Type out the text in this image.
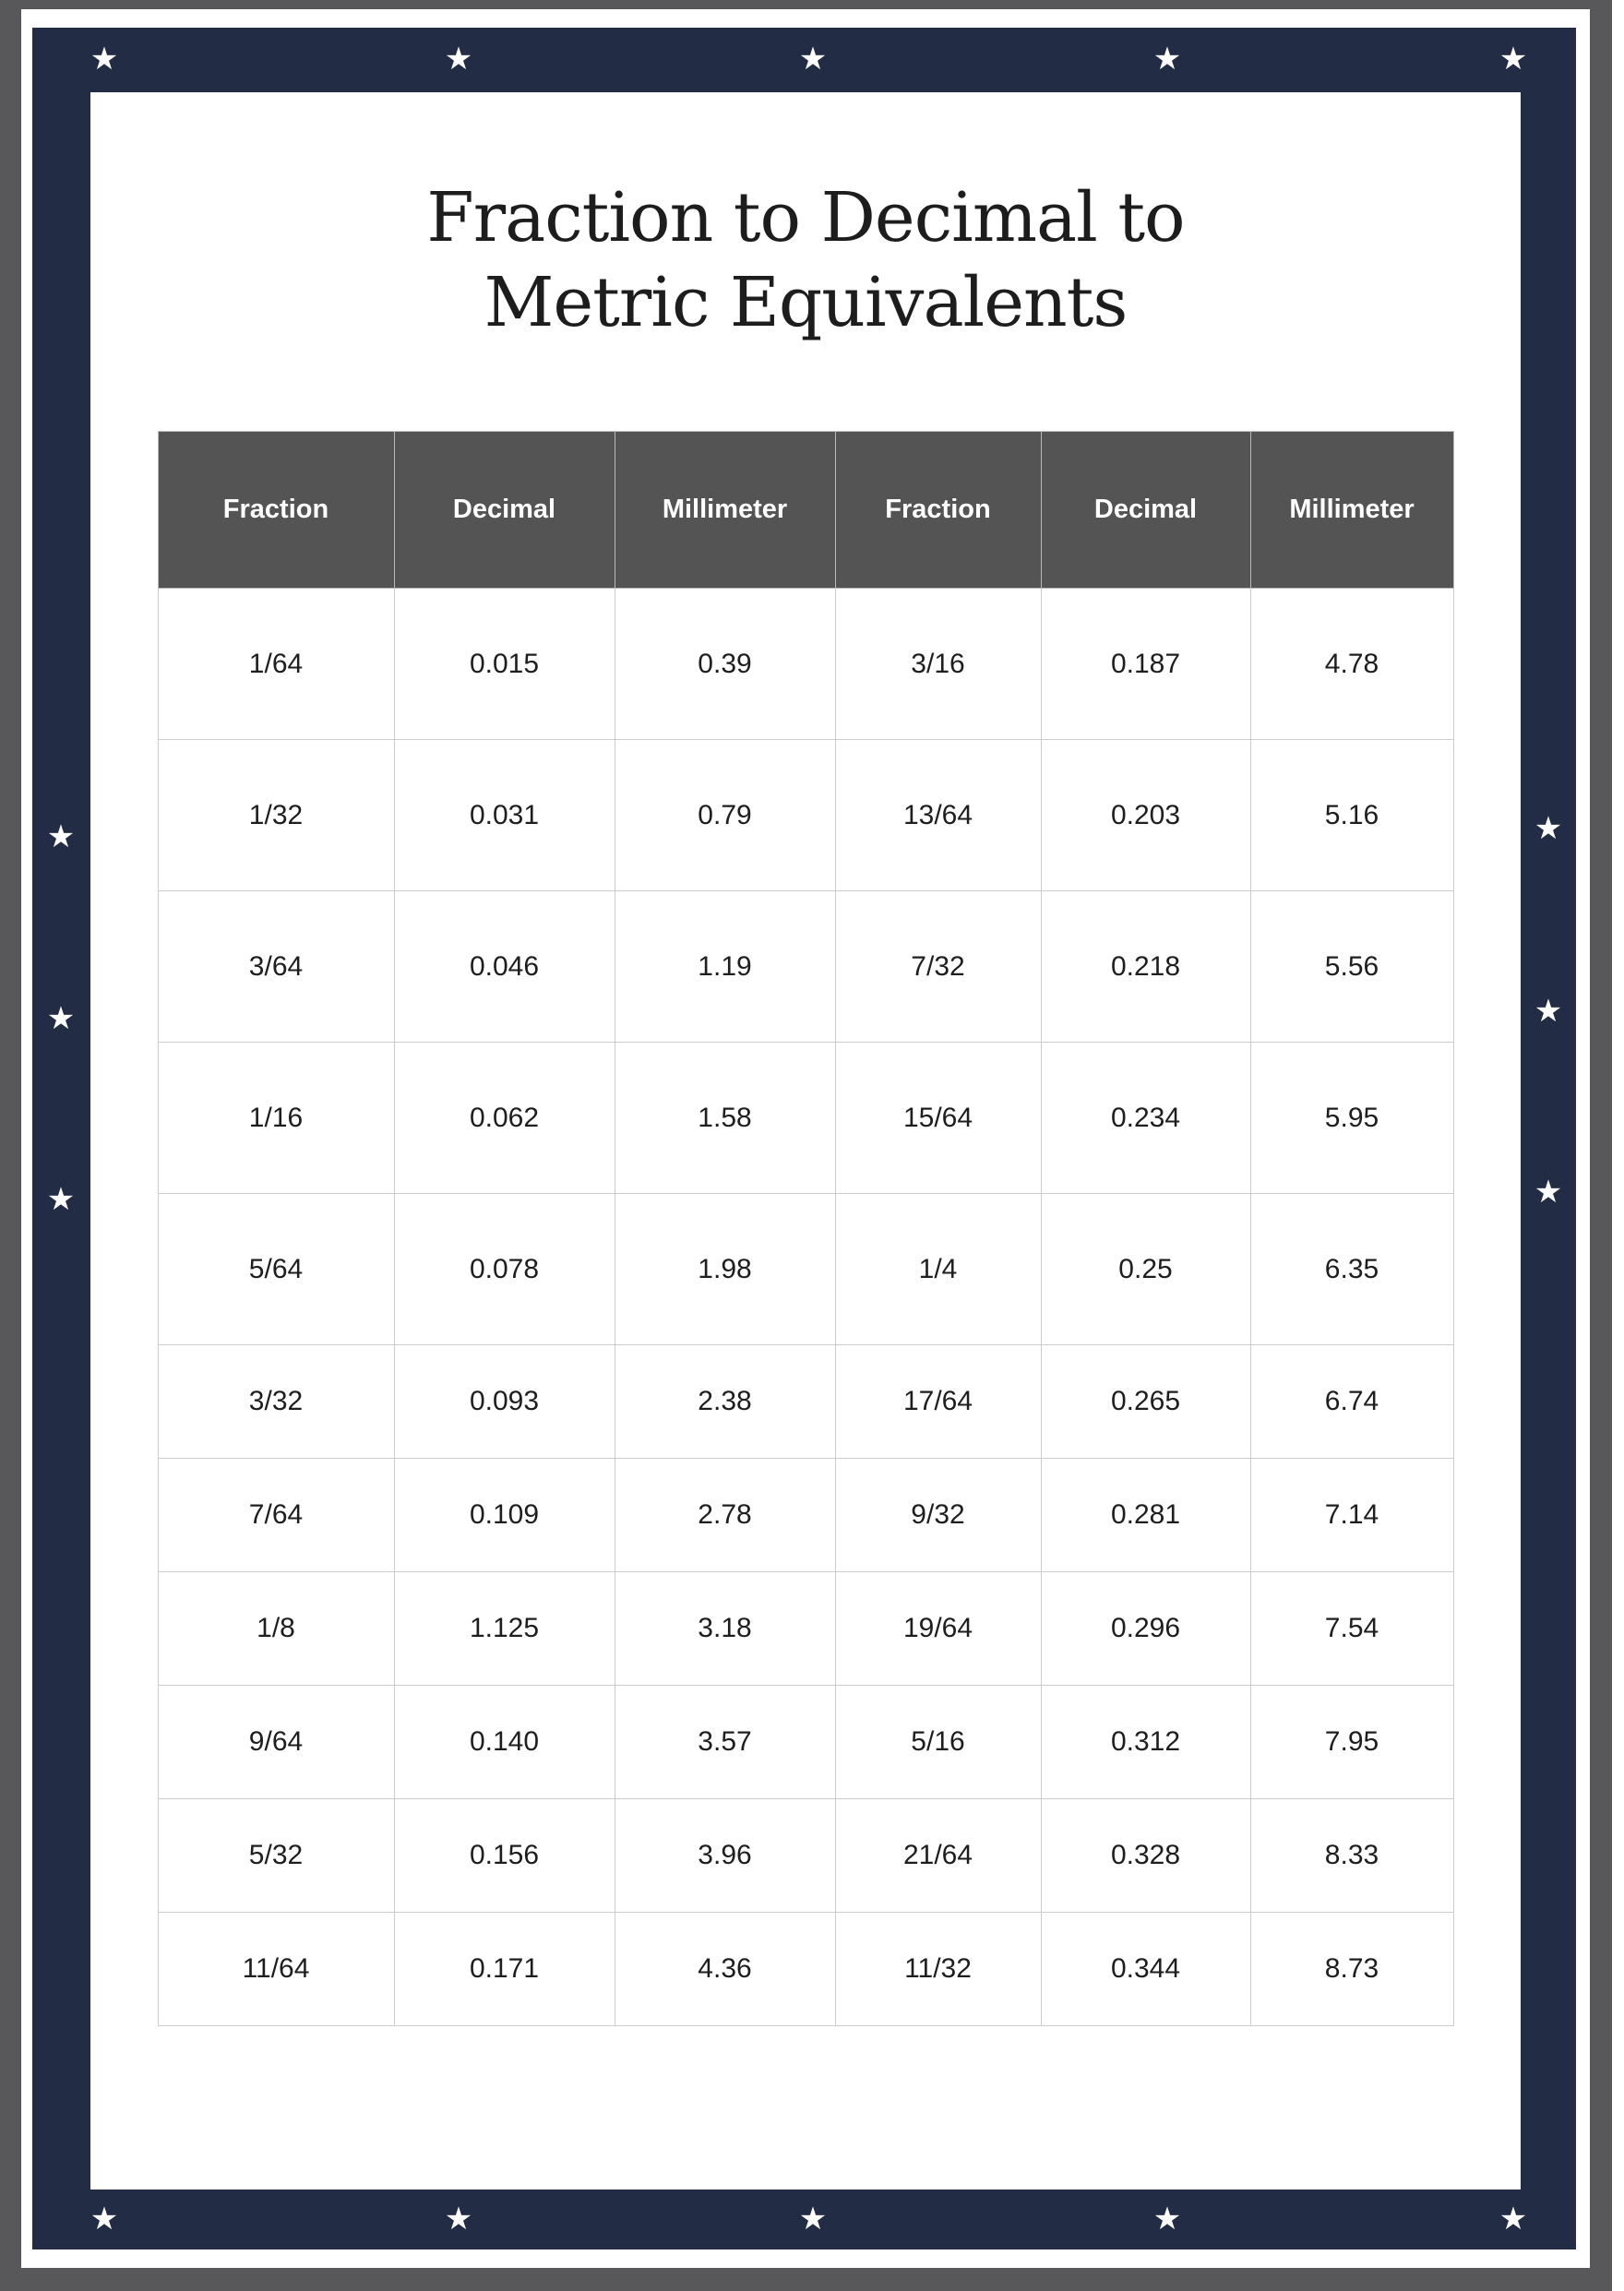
★	★	★	★	★
★	★	★	★	★
★
★
★
★
★
★
Fraction to Decimal to
Metric Equivalents
Fraction	Decimal	Millimeter	Fraction	Decimal	Millimeter
1/64	0.015	0.39	3/16	0.187	4.78
1/32	0.031	0.79	13/64	0.203	5.16
3/64	0.046	1.19	7/32	0.218	5.56
1/16	0.062	1.58	15/64	0.234	5.95
5/64	0.078	1.98	1/4	0.25	6.35
3/32	0.093	2.38	17/64	0.265	6.74
7/64	0.109	2.78	9/32	0.281	7.14
1/8	1.125	3.18	19/64	0.296	7.54
9/64	0.140	3.57	5/16	0.312	7.95
5/32	0.156	3.96	21/64	0.328	8.33
11/64	0.171	4.36	11/32	0.344	8.73
